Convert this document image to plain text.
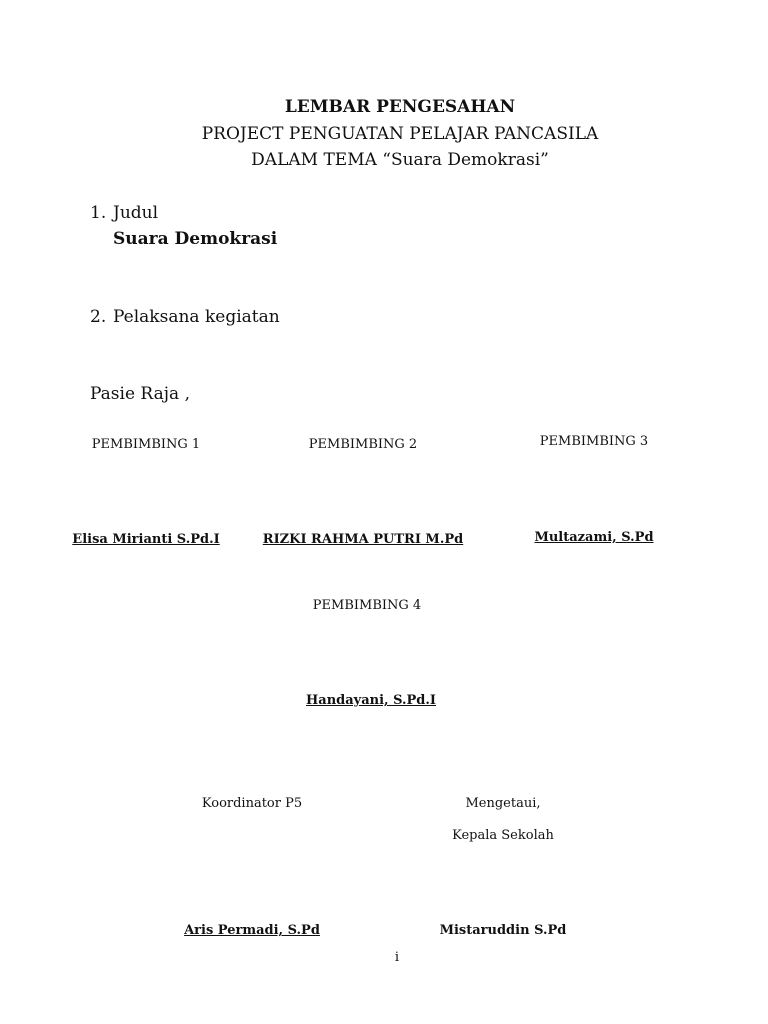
LEMBAR PENGESAHAN
PROJECT PENGUATAN PELAJAR PANCASILA
DALAM TEMA “Suara Demokrasi”
1. Judul
Suara Demokrasi
2. Pelaksana kegiatan
Pasie Raja ,
PEMBIMBING 1	PEMBIMBING 2	PEMBIMBING 3
Elisa Mirianti S.Pd.I	RIZKI RAHMA PUTRI M.Pd	Multazami, S.Pd
PEMBIMBING 4
Handayani, S.Pd.I
Koordinator P5	Mengetaui,
Kepala Sekolah
Aris Permadi, S.Pd	Mistaruddin S.Pd
i
